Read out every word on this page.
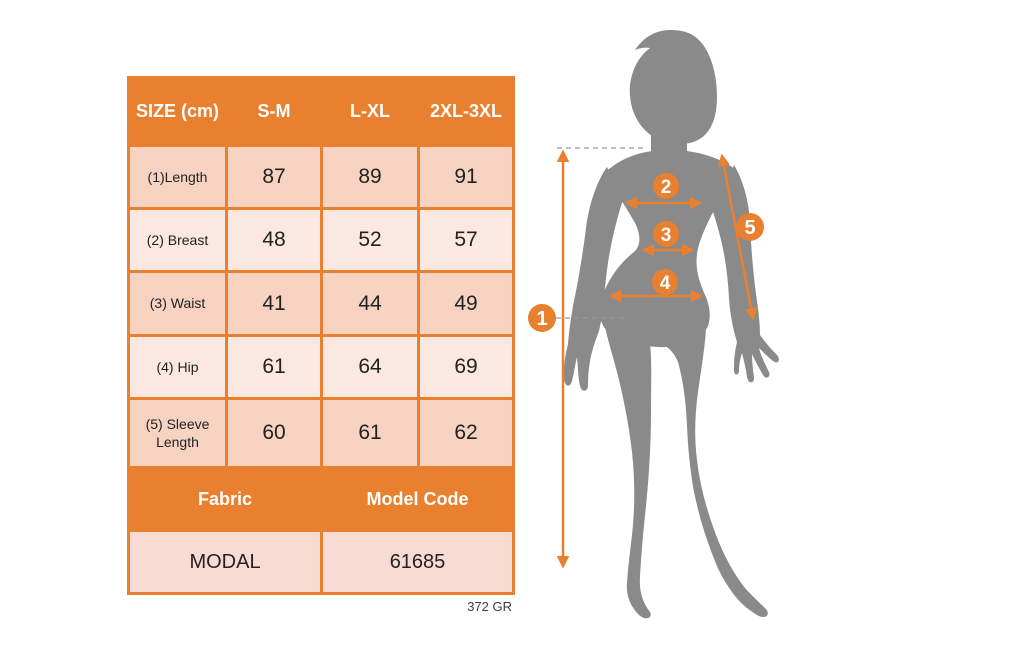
SIZE (cm)	S-M	L-XL	2XL-3XL
(1)Length	87	89	91
(2) Breast	48	52	57
(3) Waist	41	44	49
(4) Hip	61	64	69
(5) Sleeve Length	60	61	62
Fabric		Model Code	
MODAL		61685	
372 GR
1
2
3
4
5
